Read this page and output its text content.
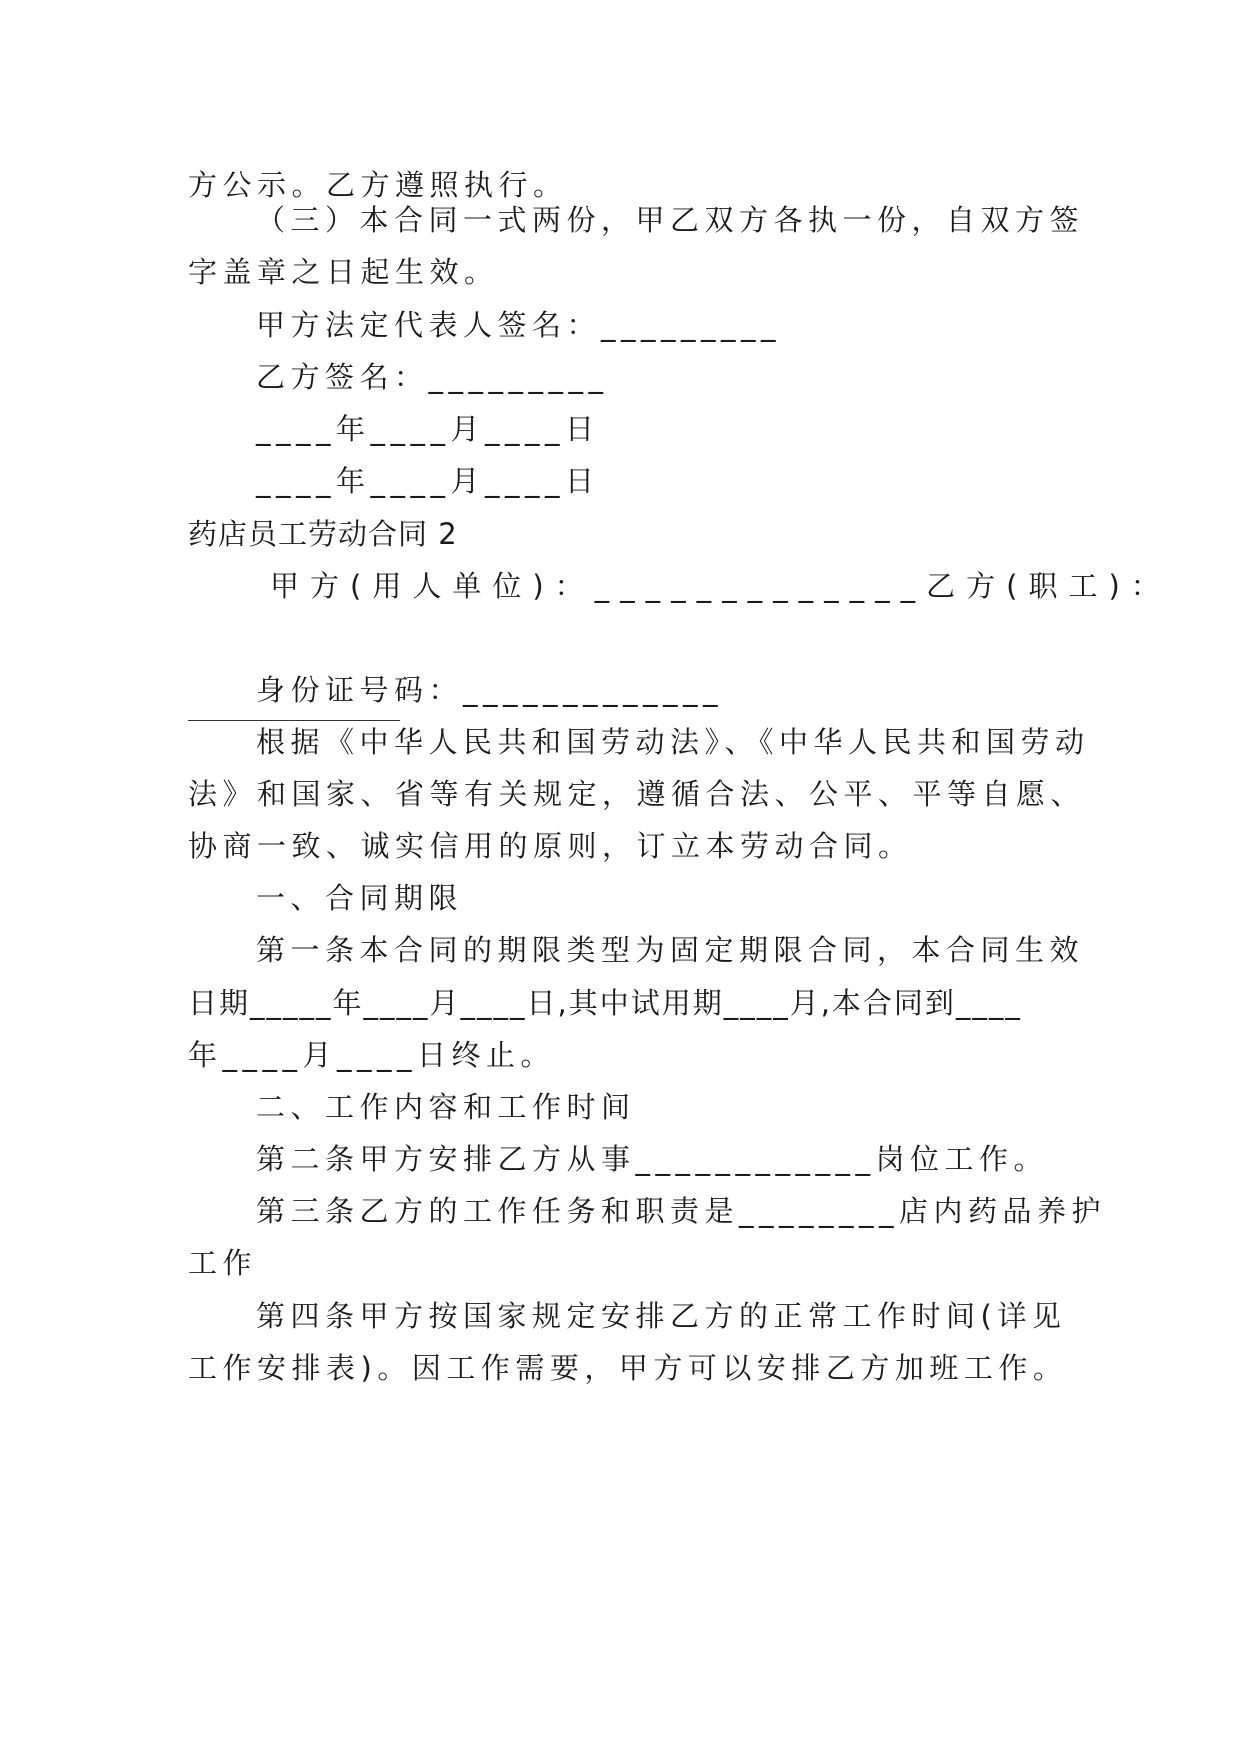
方公示。乙方遵照执行。
（三）本合同一式两份，甲乙双方各执一份，自双方签
字盖章之日起生效。
甲方法定代表人签名：_________
乙方签名：_________
____年____月____日
____年____月____日
药店员工劳动合同 2
甲方(用人单位)：_____________乙方(职工)：
身份证号码：_____________
根据《中华人民共和国劳动法》、《中华人民共和国劳动
法》和国家、省等有关规定，遵循合法、公平、平等自愿、
协商一致、诚实信用的原则，订立本劳动合同。
一、合同期限
第一条本合同的期限类型为固定期限合同，本合同生效
日期_____年____月____日,其中试用期____月,本合同到____
年____月____日终止。
二、工作内容和工作时间
第二条甲方安排乙方从事____________岗位工作。
第三条乙方的工作任务和职责是________店内药品养护
工作
第四条甲方按国家规定安排乙方的正常工作时间(详见
工作安排表)。因工作需要，甲方可以安排乙方加班工作。
